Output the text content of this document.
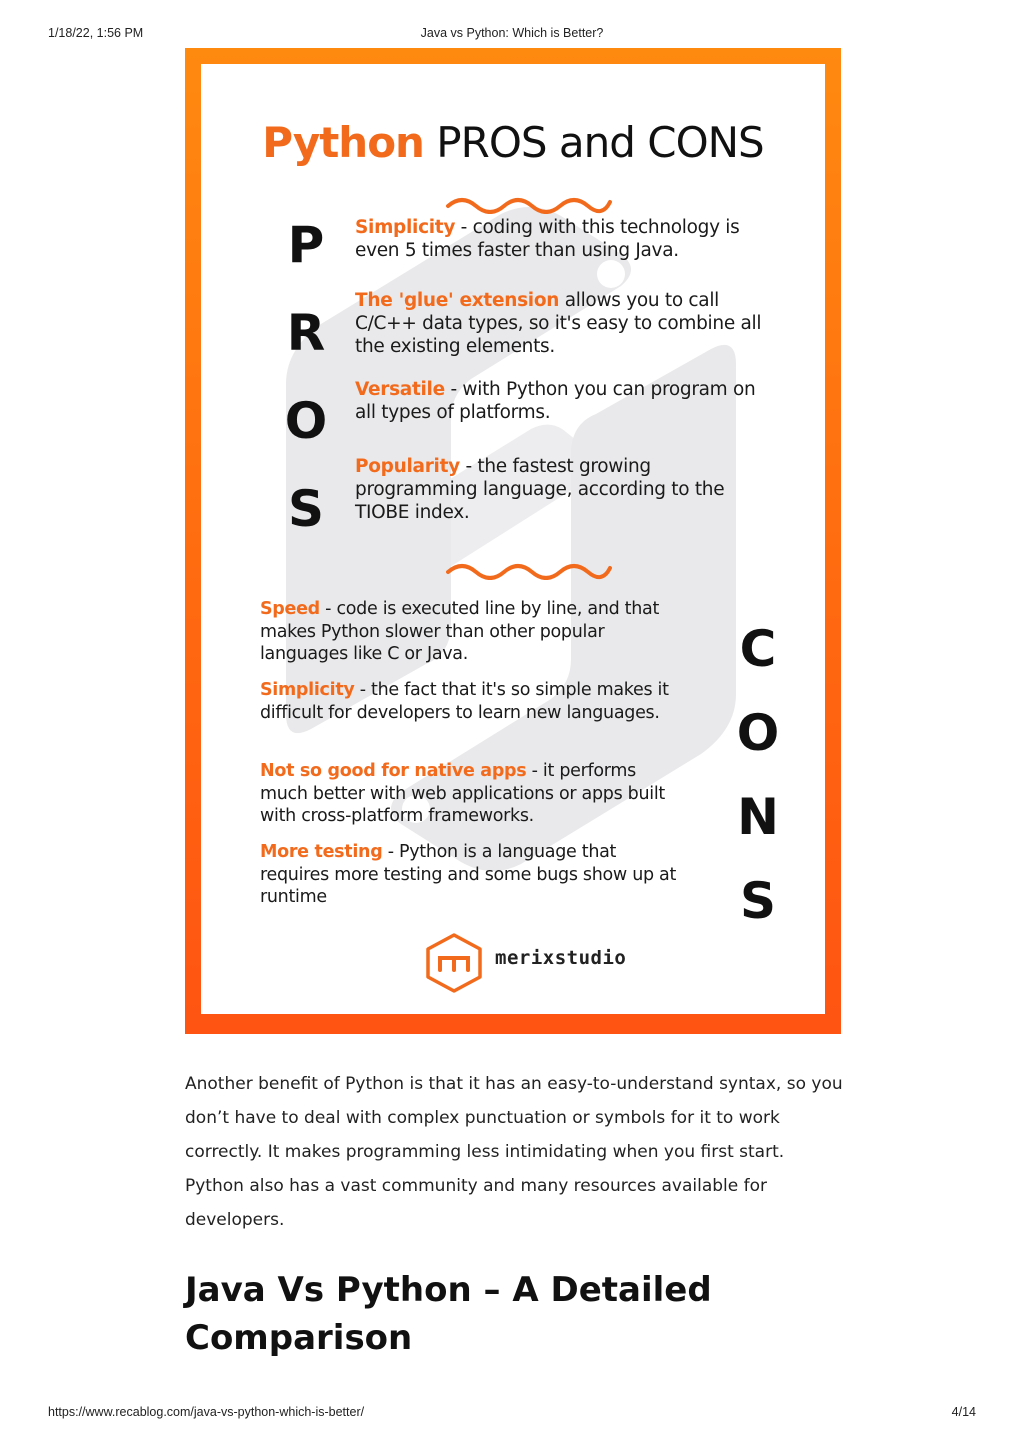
1/18/22, 1:56 PM	Java vs Python: Which is Better?
Python PROS and CONS
P
R
O
S
Simplicity - coding with this technology is even 5 times faster than using Java.
The 'glue' extension allows you to call C/C++ data types, so it's easy to combine all the existing elements.
Versatile - with Python you can program on all types of platforms.
Popularity - the fastest growing programming language, according to the TIOBE index.
Speed - code is executed line by line, and that makes Python slower than other popular languages like C or Java.
Simplicity - the fact that it's so simple makes it difficult for developers to learn new languages.
Not so good for native apps - it performs much better with web applications or apps built with cross-platform frameworks.
More testing - Python is a language that requires more testing and some bugs show up at runtime
C
O
N
S
merixstudio
Another benefit of Python is that it has an easy-to-understand syntax, so you don’t have to deal with complex punctuation or symbols for it to work correctly. It makes programming less intimidating when you first start. Python also has a vast community and many resources available for developers.
Java Vs Python – A Detailed Comparison
https://www.recablog.com/java-vs-python-which-is-better/	4/14
